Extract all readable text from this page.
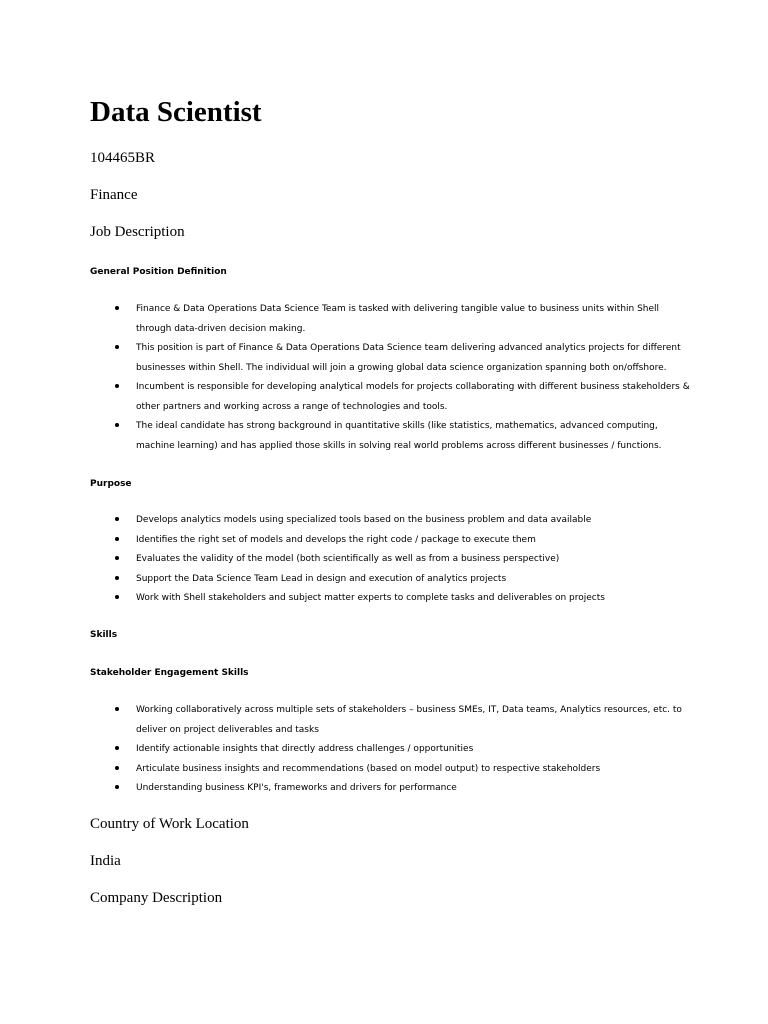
Data Scientist
104465BR
Finance
Job Description
General Position Definition
Finance & Data Operations Data Science Team is tasked with delivering tangible value to business units within Shell
through data-driven decision making.
This position is part of Finance & Data Operations Data Science team delivering advanced analytics projects for different
businesses within Shell. The individual will join a growing global data science organization spanning both on/offshore.
Incumbent is responsible for developing analytical models for projects collaborating with different business stakeholders &
other partners and working across a range of technologies and tools.
The ideal candidate has strong background in quantitative skills (like statistics, mathematics, advanced computing,
machine learning) and has applied those skills in solving real world problems across different businesses / functions.
Purpose
Develops analytics models using specialized tools based on the business problem and data available
Identifies the right set of models and develops the right code / package to execute them
Evaluates the validity of the model (both scientifically as well as from a business perspective)
Support the Data Science Team Lead in design and execution of analytics projects
Work with Shell stakeholders and subject matter experts to complete tasks and deliverables on projects
Skills
Stakeholder Engagement Skills
Working collaboratively across multiple sets of stakeholders – business SMEs, IT, Data teams, Analytics resources, etc. to
deliver on project deliverables and tasks
Identify actionable insights that directly address challenges / opportunities
Articulate business insights and recommendations (based on model output) to respective stakeholders
Understanding business KPI's, frameworks and drivers for performance
Country of Work Location
India
Company Description
